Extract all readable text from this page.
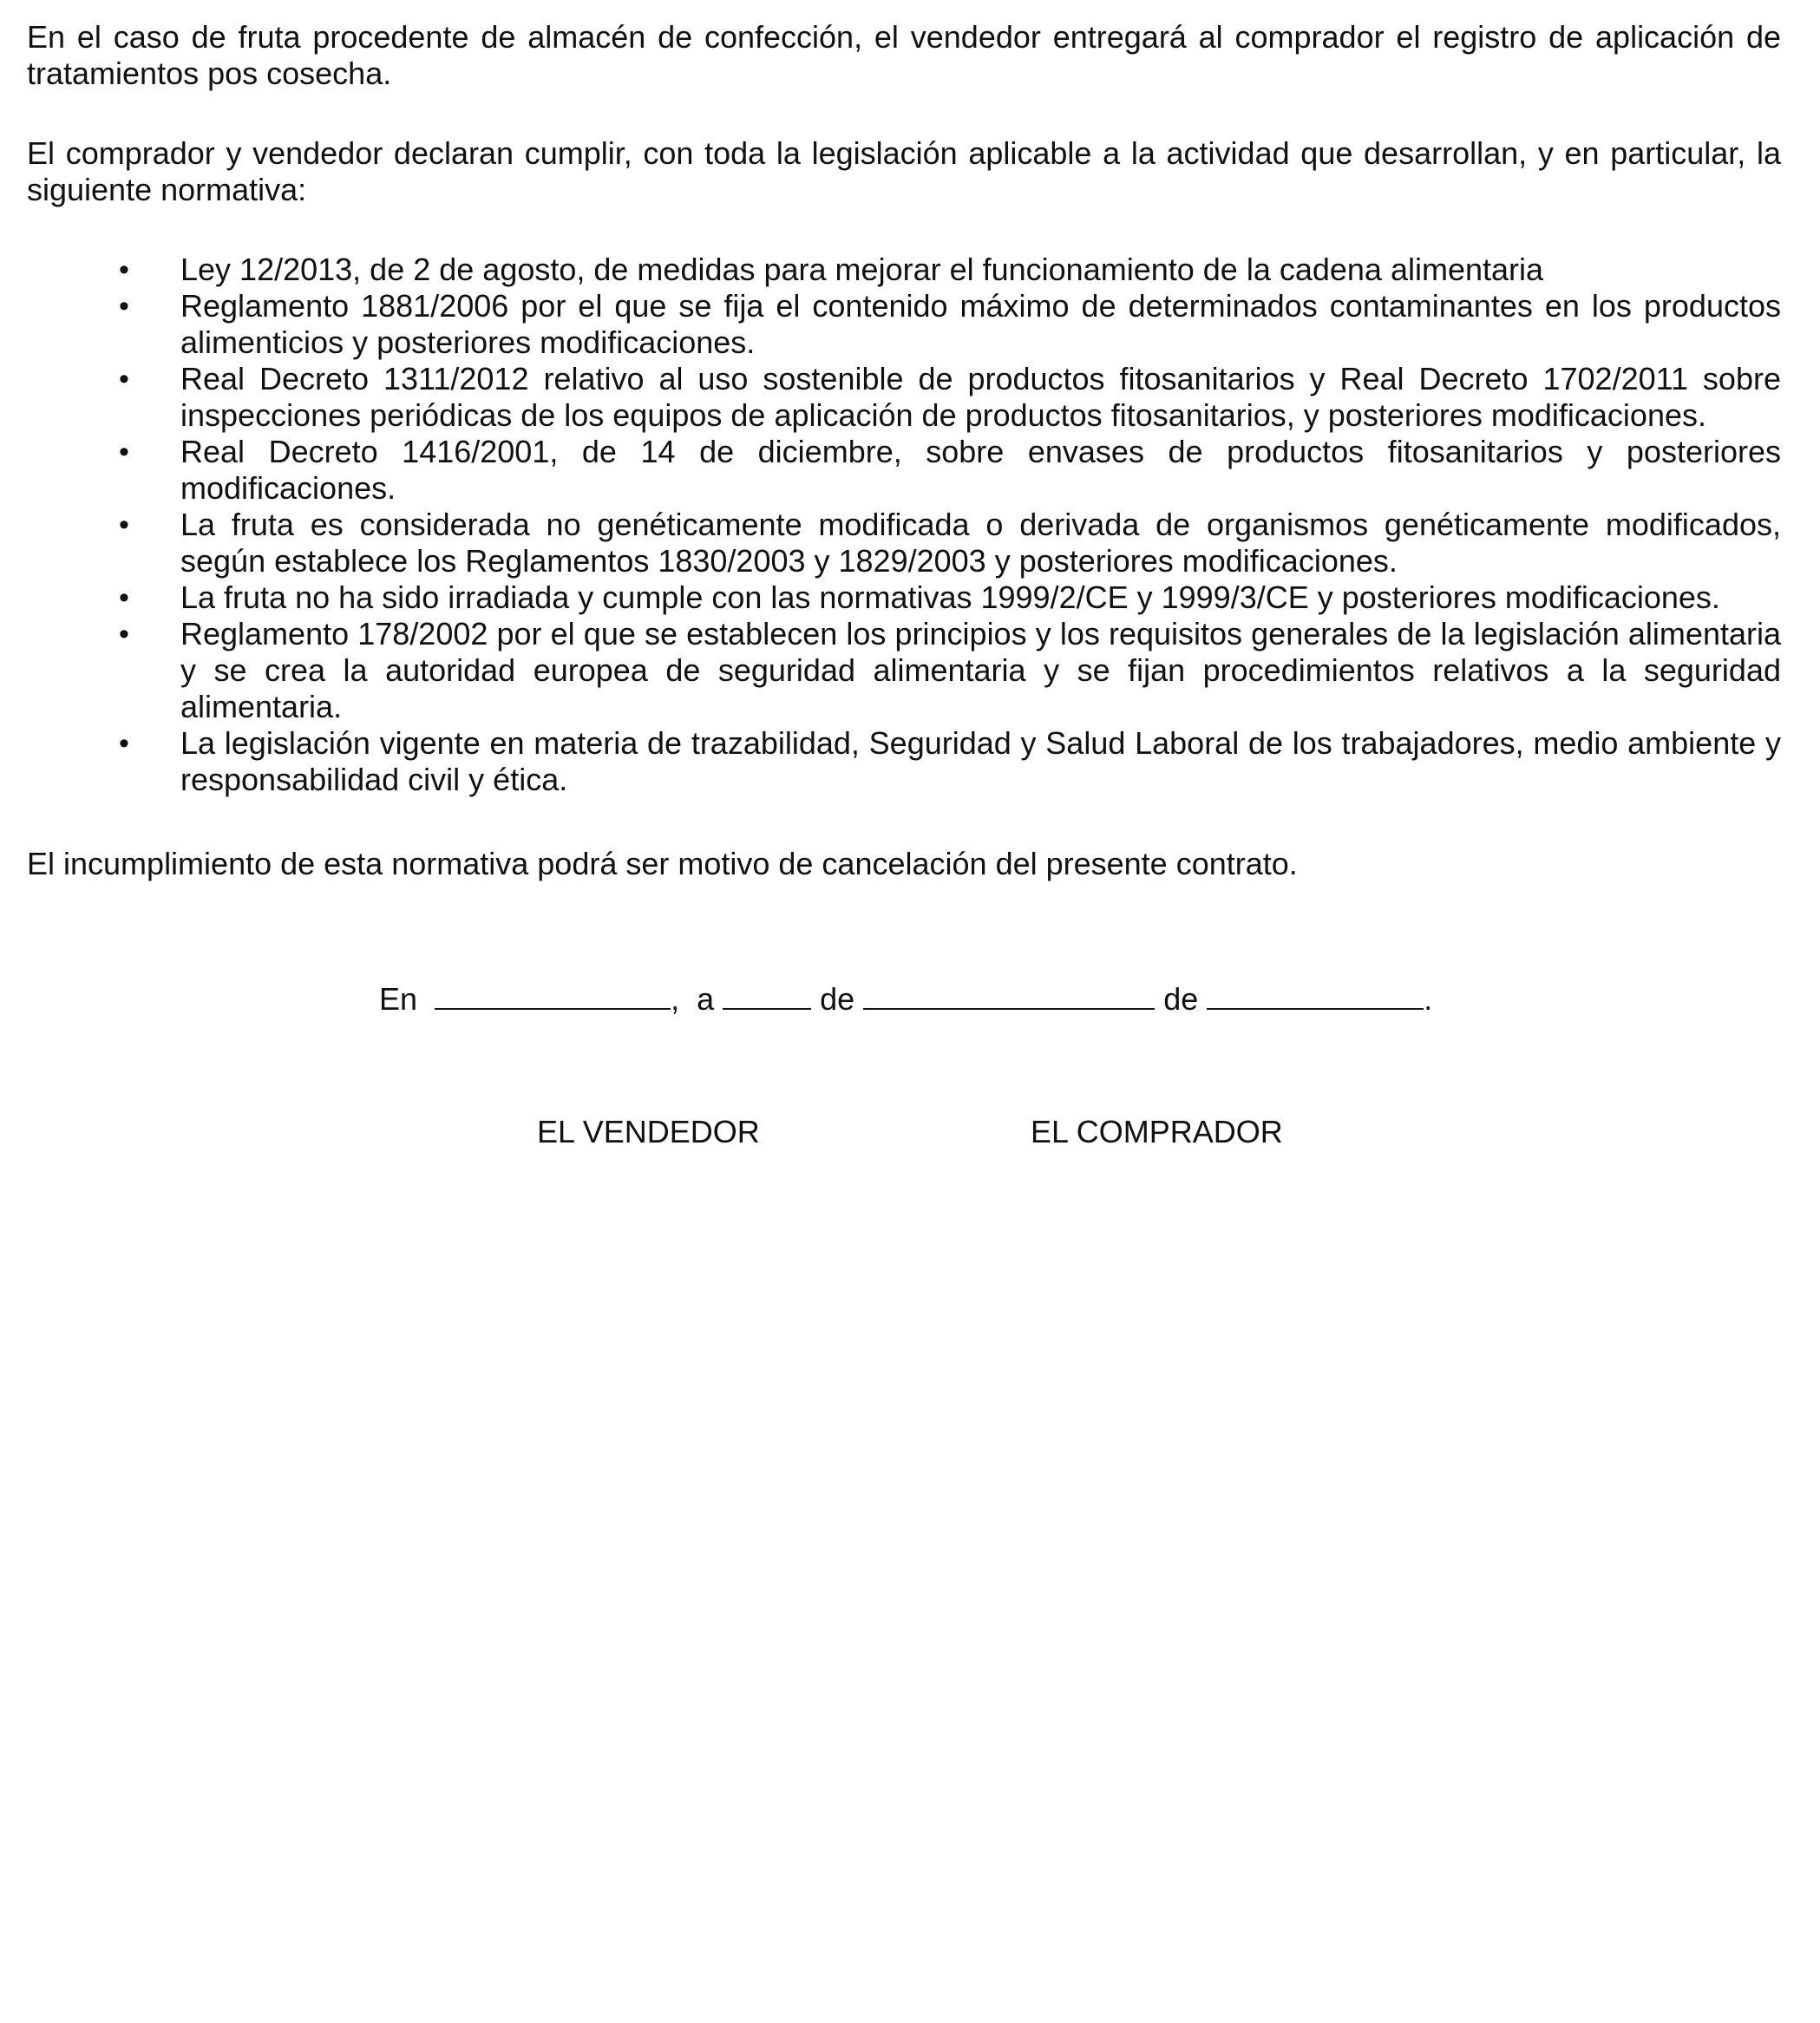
En el caso de fruta procedente de almacén de confección, el vendedor entregará al comprador el registro de aplicación de tratamientos pos cosecha.

El comprador y vendedor declaran cumplir, con toda la legislación aplicable a la actividad que desarrollan, y en particular, la siguiente normativa:

•	Ley 12/2013, de 2 de agosto, de medidas para mejorar el funcionamiento de la cadena alimentaria
•	Reglamento 1881/2006 por el que se fija el contenido máximo de determinados contaminantes en los productos alimenticios y posteriores modificaciones.
•	Real Decreto 1311/2012 relativo al uso sostenible de productos fitosanitarios y Real Decreto 1702/2011 sobre inspecciones periódicas de los equipos de aplicación de productos fitosanitarios, y posteriores modificaciones.
•	Real Decreto 1416/2001, de 14 de diciembre, sobre envases de productos fitosanitarios y posteriores modificaciones.
•	La fruta es considerada no genéticamente modificada o derivada de organismos genéticamente modificados, según establece los Reglamentos 1830/2003 y 1829/2003 y posteriores modificaciones.
•	La fruta no ha sido irradiada y cumple con las normativas 1999/2/CE y 1999/3/CE y posteriores modificaciones.
•	Reglamento 178/2002 por el que se establecen los principios y los requisitos generales de la legislación alimentaria y se crea la autoridad europea de seguridad alimentaria y se fijan procedimientos relativos a la seguridad alimentaria.
•	La legislación vigente en materia de trazabilidad, Seguridad y Salud Laboral de los trabajadores, medio ambiente y responsabilidad civil y ética.

El incumplimiento de esta normativa podrá ser motivo de cancelación del presente contrato.

En	, a	de	de	.
EL VENDEDOR	EL COMPRADOR
